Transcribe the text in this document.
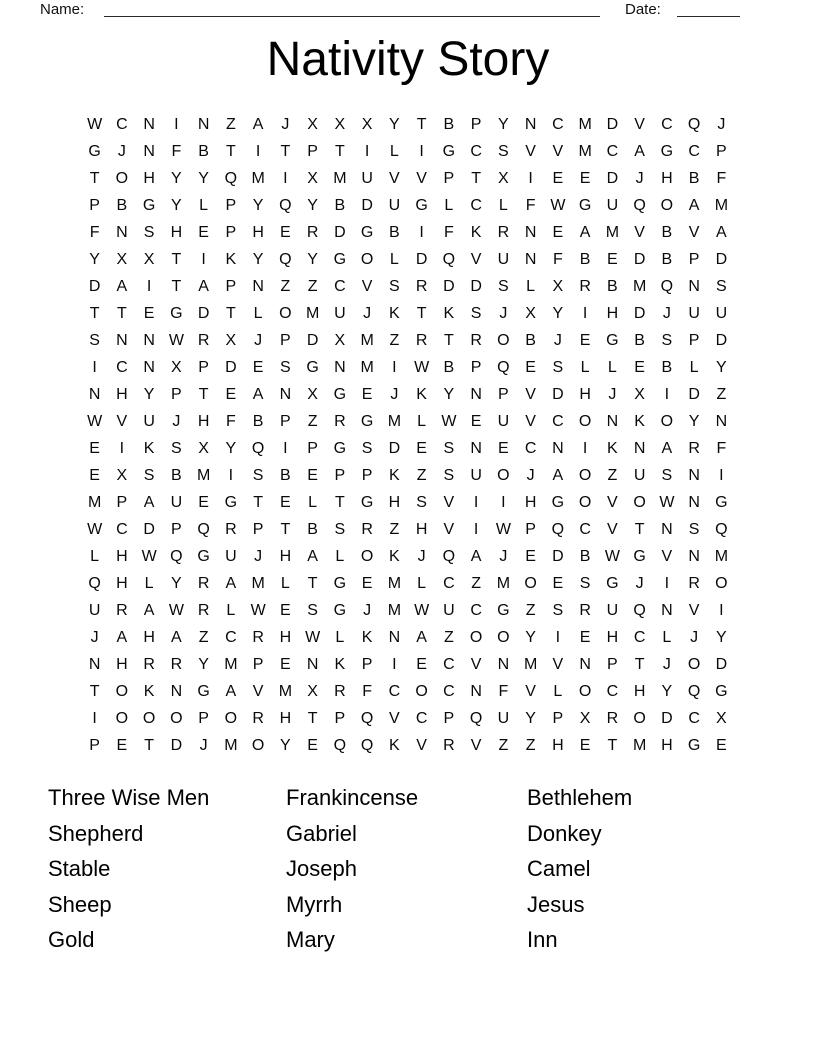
Name:	Date:
Nativity Story
W C N	I	N	Z	A	J	X	X	X	Y	T	B	P	Y	N C M D	V	C Q	J
G	J	N	F	B	T	I	T	P	T	I	L	I	G C	S	V	V M C	A G C	P
T	O H	Y	Y Q M	I	X M U	V	V	P	T	X	I	E	E	D	J	H	B	F
P	B G Y	L	P	Y Q Y	B	D U G	L	C	L	F W G U Q O A M
F	N	S	H	E	P	H	E	R D G B	I	F	K	R N	E	A M V	B	V	A
Y	X	X	T	I	K	Y Q Y G O	L	D Q V	U N	F	B	E	D	B	P	D
D	A	I	T	A	P	N	Z	Z	C	V	S	R D D	S	L	X	R	B M Q N	S
T	T	E G D	T	L	O M U	J	K	T	K	S	J	X	Y	I	H D	J	U U
S	N N W R	X	J	P	D	X M Z	R	T	R O B	J	E G B	S	P	D
I	C N	X	P	D	E	S G N M	I	W B	P Q E	S	L	L	E	B	L	Y
N H	Y	P	T	E	A	N	X G E	J	K	Y	N	P	V	D H	J	X	I	D	Z
W V	U	J	H	F	B	P	Z	R G M	L W E	U	V	C O N	K O Y	N
E	I	K	S	X	Y Q	I	P G S	D	E	S	N	E	C N	I	K	N	A	R	F
E	X	S	B M	I	S	B	E	P	P	K	Z	S	U O	J	A O	Z	U	S	N	I
M P	A	U	E G	T	E	L	T	G H	S	V	I	I	H G O V O W N G
W C D	P Q R	P	T	B	S	R	Z	H	V	I	W P Q C	V	T	N	S Q
L	H W Q G U	J	H	A	L	O K	J	Q A	J	E	D	B W G V	N M
Q H	L	Y	R	A M	L	T	G E M	L	C	Z M O E	S G	J	I	R O
U R	A W R	L W E	S G	J	M W U C G	Z	S	R U Q N	V	I
J	A	H	A	Z	C R H W L	K	N	A	Z	O O Y	I	E	H C	L	J	Y
N H R R	Y M P	E	N	K	P	I	E	C	V	N M V	N	P	T	J	O D
T	O K	N G A	V M X	R	F	C O C N	F	V	L	O C H	Y Q G
I	O O O P O R H	T	P Q V	C	P Q U	Y	P	X	R O D C	X
P	E	T	D	J	M O Y	E Q Q K	V	R	V	Z	Z	H	E	T M H G E
Three Wise Men
Shepherd
Stable
Sheep
Gold
Frankincense
Gabriel
Joseph
Myrrh
Mary
Bethlehem
Donkey
Camel
Jesus
Inn
